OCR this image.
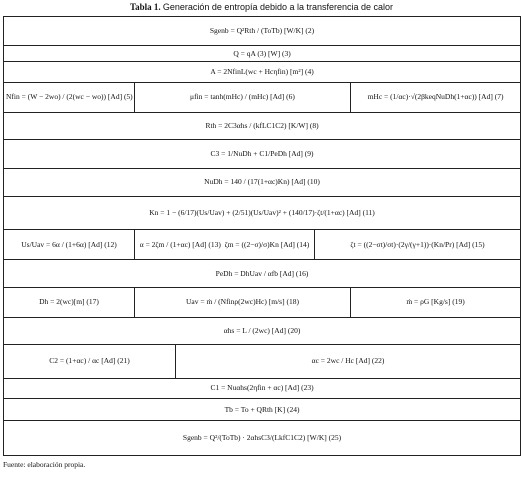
Tabla 1. Generación de entropía debido a la transferencia de calor
Sgenb = Q²Rth / (ToTb) [W/K] (2)				
Q = qA (3) [W] (3)				
A = 2NfinL(wc + Hcηfin) [m²] (4)				
Nfin = (W − 2wo) / (2(wc − wo)) [Ad] (5)	μfin = tanh(mHc) / (mHc) [Ad] (6)			mHc = (1/αc)·√(2βkeqNuDh(1+αc)) [Ad] (7)
Rth = 2C3αhs / (kfLC1C2) [K/W] (8)				
C3 = 1/NuDh + C1/PeDh [Ad] (9)				
NuDh = 140 / (17(1+αc)Kn) [Ad] (10)				
Kn = 1 − (6/17)(Us/Uav) + (2/51)(Us/Uav)² + (140/17)·ζt/(1+αc) [Ad] (11)				
Us/Uav = 6α / (1+6α) [Ad] (12)	α = 2ζm / (1+αc) [Ad] (13) ζm = ((2−σ)/σ)Kn [Ad] (14)		ζt = ((2−σt)/σt)·(2γ/(γ+1))·(Kn/Pr) [Ad] (15)	
PeDh = DhUav / αfb [Ad] (16)				
Dh = 2(wc)[m] (17)	Uav = ṁ / (Nfinρ(2wc)Hc) [m/s] (18)			ṁ = ρG [Kg/s] (19)
αhs = L / (2wc) [Ad] (20)				
C2 = (1+αc) / αc [Ad] (21)		αc = 2wc / Hc [Ad] (22)		
C1 = Nuαhs(2ηfin + αc) [Ad] (23)				
Tb = To + QRth [K] (24)				
Sgenb = Q²/(ToTb) · 2αhsC3/(LkfC1C2) [W/K] (25)				
Fuente: elaboración propia.
